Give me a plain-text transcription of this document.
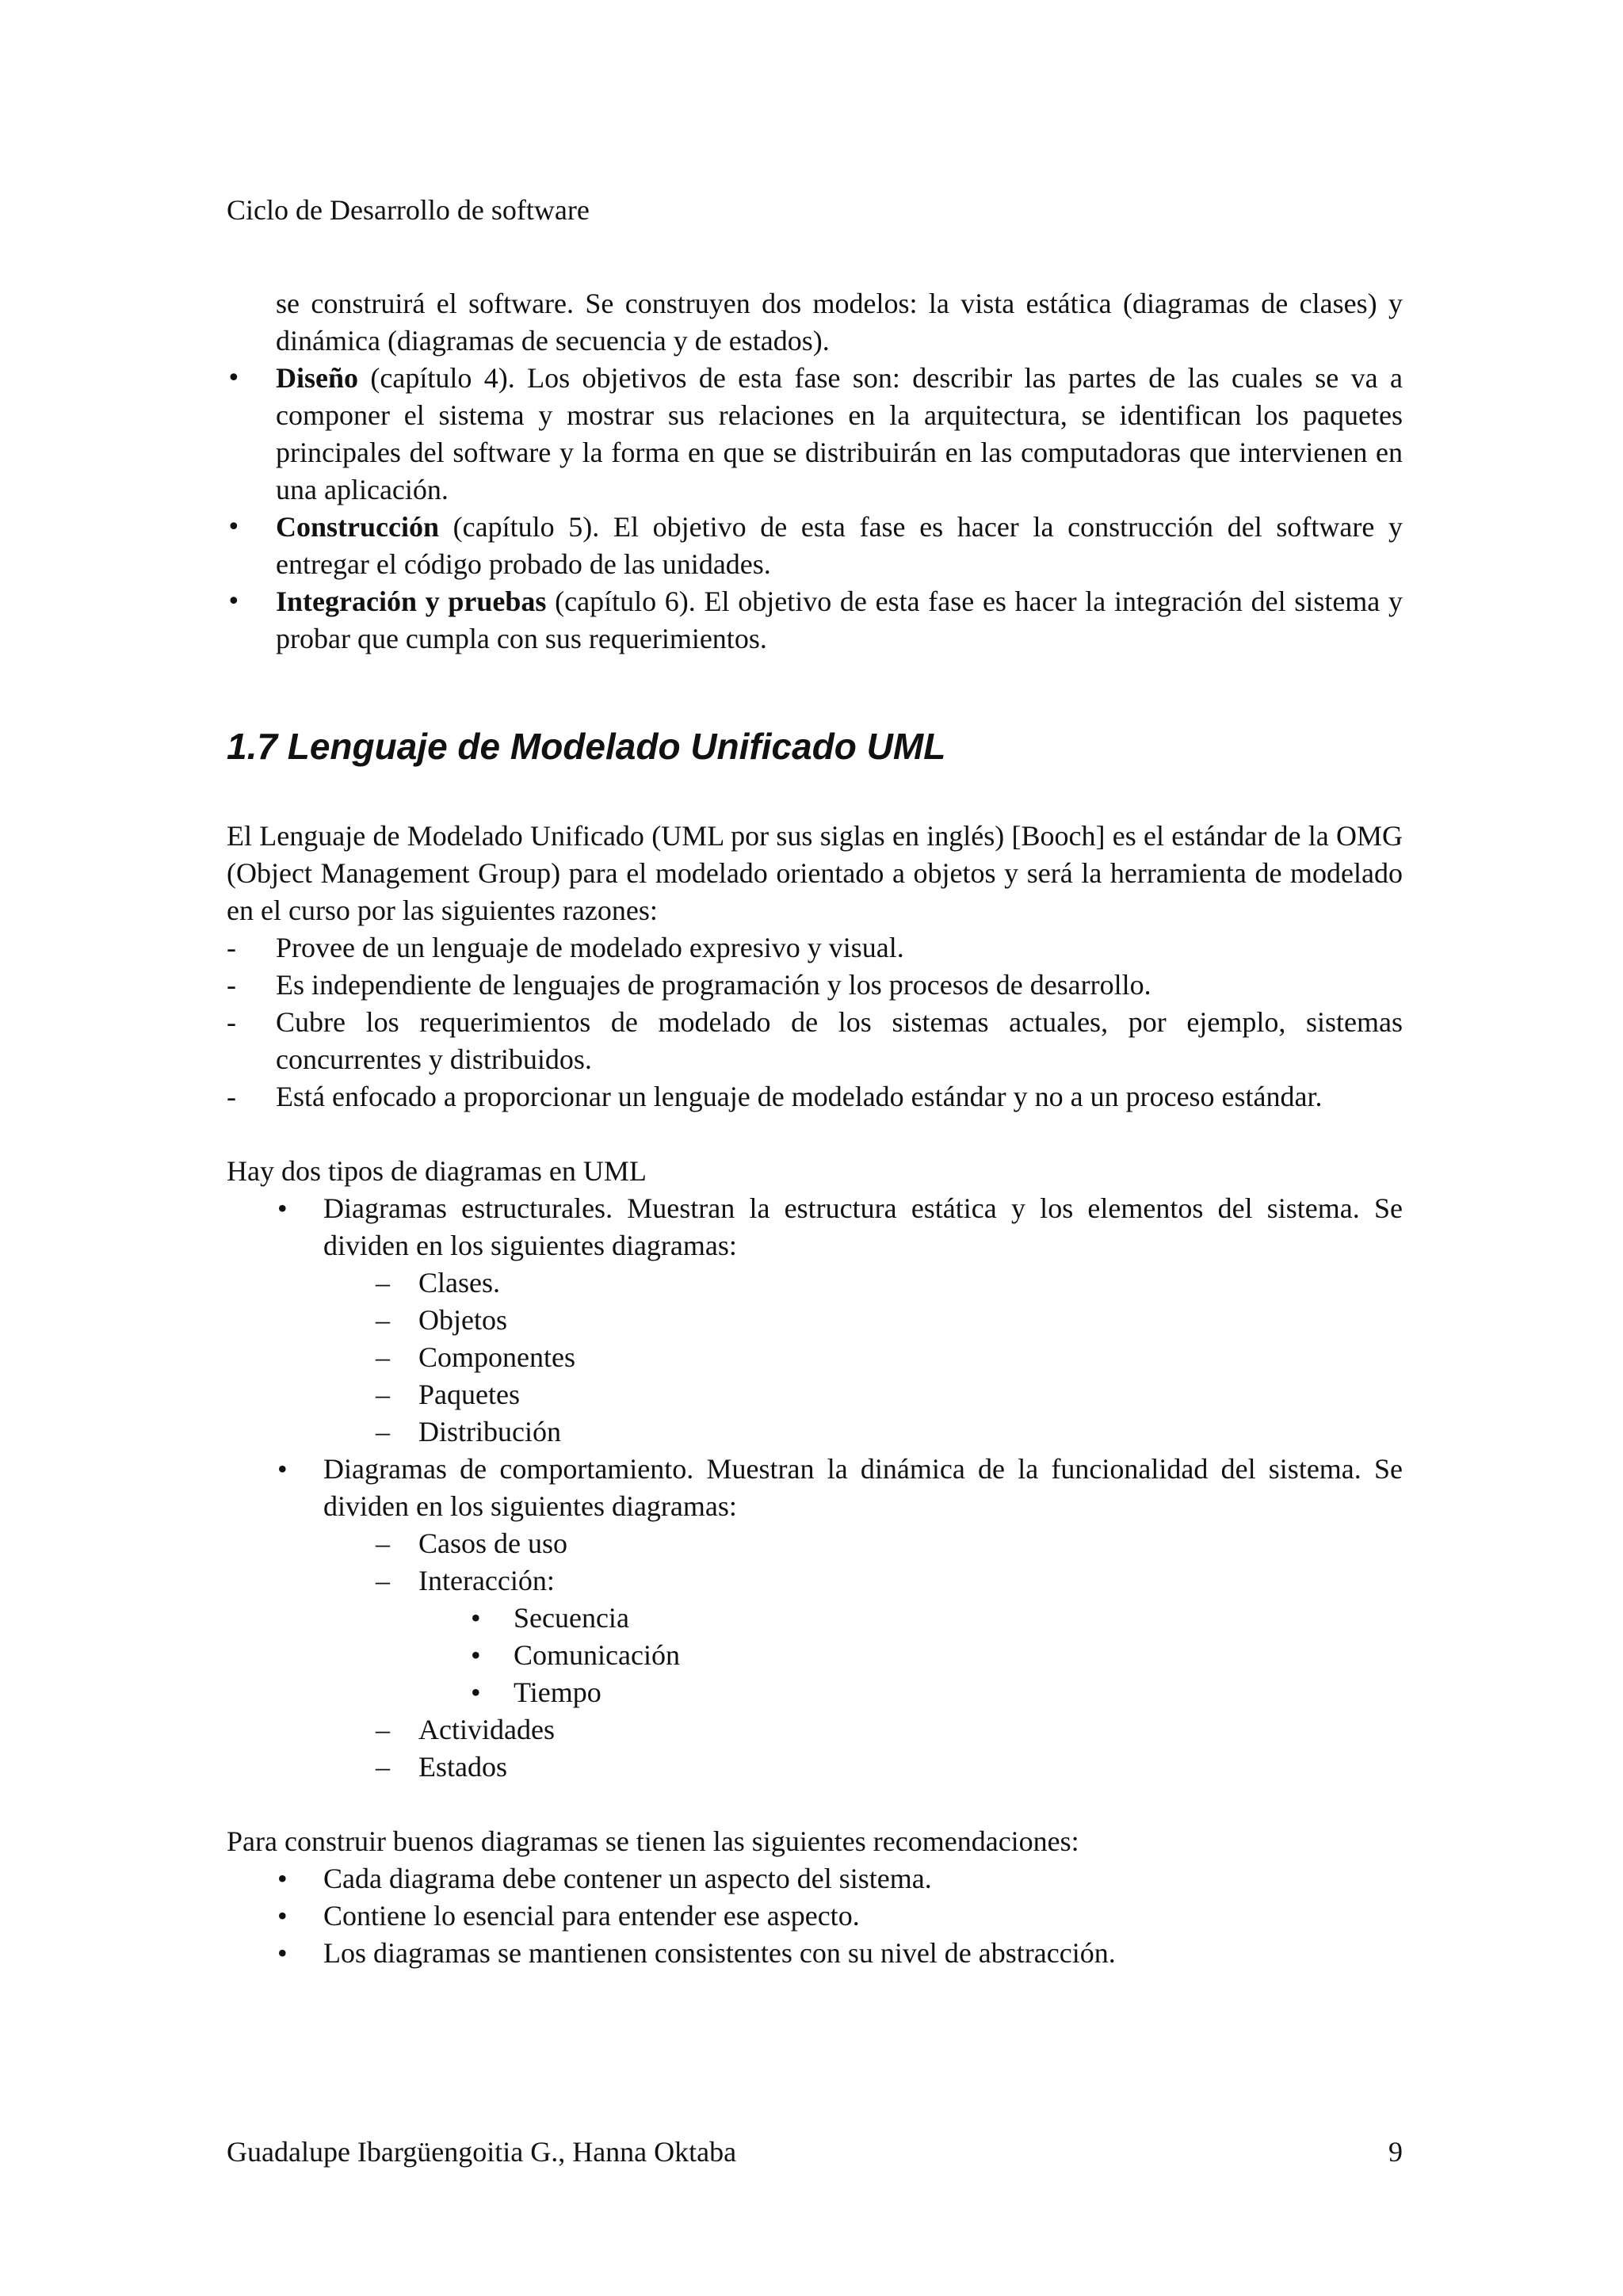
Ciclo de Desarrollo de software

se construirá el software. Se construyen dos modelos: la vista estática (diagramas de clases) y dinámica (diagramas de secuencia y de estados).

• Diseño (capítulo 4). Los objetivos de esta fase son: describir las partes de las cuales se va a componer el sistema y mostrar sus relaciones en la arquitectura, se identifican los paquetes principales del software y la forma en que se distribuirán en las computadoras que intervienen en una aplicación.
• Construcción (capítulo 5). El objetivo de esta fase es hacer la construcción del software y entregar el código probado de las unidades.
• Integración y pruebas (capítulo 6). El objetivo de esta fase es hacer la integración del sistema y probar que cumpla con sus requerimientos.
1.7 Lenguaje de Modelado Unificado UML

El Lenguaje de Modelado Unificado (UML por sus siglas en inglés) [Booch] es el estándar de la OMG (Object Management Group) para el modelado orientado a objetos y será la herramienta de modelado en el curso por las siguientes razones:

- Provee de un lenguaje de modelado expresivo y visual.
- Es independiente de lenguajes de programación y los procesos de desarrollo.
- Cubre los requerimientos de modelado de los sistemas actuales, por ejemplo, sistemas concurrentes y distribuidos.
- Está enfocado a proporcionar un lenguaje de modelado estándar y no a un proceso estándar.

Hay dos tipos de diagramas en UML

• Diagramas estructurales. Muestran la estructura estática y los elementos del sistema. Se dividen en los siguientes diagramas:
– Clases.
– Objetos
– Componentes
– Paquetes
– Distribución
• Diagramas de comportamiento. Muestran la dinámica de la funcionalidad del sistema. Se dividen en los siguientes diagramas:
– Casos de uso
– Interacción:
• Secuencia
• Comunicación
• Tiempo
– Actividades
– Estados

Para construir buenos diagramas se tienen las siguientes recomendaciones:

• Cada diagrama debe contener un aspecto del sistema.
• Contiene lo esencial para entender ese aspecto.
• Los diagramas se mantienen consistentes con su nivel de abstracción.
Guadalupe Ibargüengoitia G., Hanna Oktaba	9
